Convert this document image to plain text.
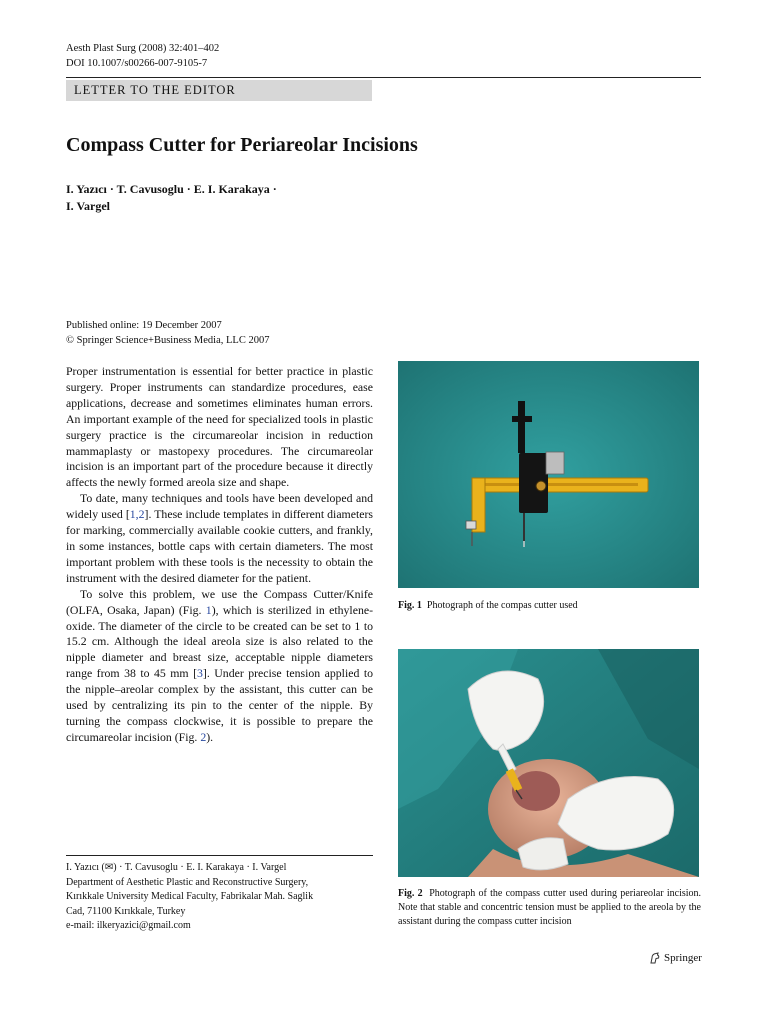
Aesth Plast Surg (2008) 32:401–402
DOI 10.1007/s00266-007-9105-7
LETTER TO THE EDITOR
Compass Cutter for Periareolar Incisions
I. Yazıcı · T. Cavusoglu · E. I. Karakaya ·
I. Vargel
Published online: 19 December 2007
© Springer Science+Business Media, LLC 2007

Proper instrumentation is essential for better practice in plastic surgery. Proper instruments can standardize procedures, ease applications, decrease and sometimes eliminates human errors. An important example of the need for specialized tools in plastic surgery practice is the circumareolar incision in reduction mammaplasty or mastopexy procedures. The circumareolar incision is an important part of the procedure because it directly affects the newly formed areola size and shape.

To date, many techniques and tools have been developed and widely used [1,2]. These include templates in different diameters for marking, commercially available cookie cutters, and frankly, in some instances, bottle caps with certain diameters. The most important problem with these tools is the necessity to obtain the instrument with the desired diameter for the patient.

To solve this problem, we use the Compass Cutter/Knife (OLFA, Osaka, Japan) (Fig. 1), which is sterilized in ethylene-oxide. The diameter of the circle to be created can be set to 1 to 15.2 cm. Although the ideal areola size is also related to the nipple diameter and breast size, acceptable nipple diameters range from 38 to 45 mm [3]. Under precise tension applied to the nipple–areolar complex by the assistant, this cutter can be used by centralizing its pin to the center of the nipple. By turning the compass clockwise, it is possible to prepare the circumareolar incision (Fig. 2).

I. Yazıcı (✉) · T. Cavusoglu · E. I. Karakaya · I. Vargel
Department of Aesthetic Plastic and Reconstructive Surgery,
Kırıkkale University Medical Faculty, Fabrikalar Mah. Saglik
Cad, 71100 Kırıkkale, Turkey
e-mail: ilkeryazici@gmail.com
Fig. 1 Photograph of the compas cutter used
Fig. 2 Photograph of the compass cutter used during periareolar incision. Note that stable and concentric tension must be applied to the areola by the assistant during the compass cutter incision
Springer
